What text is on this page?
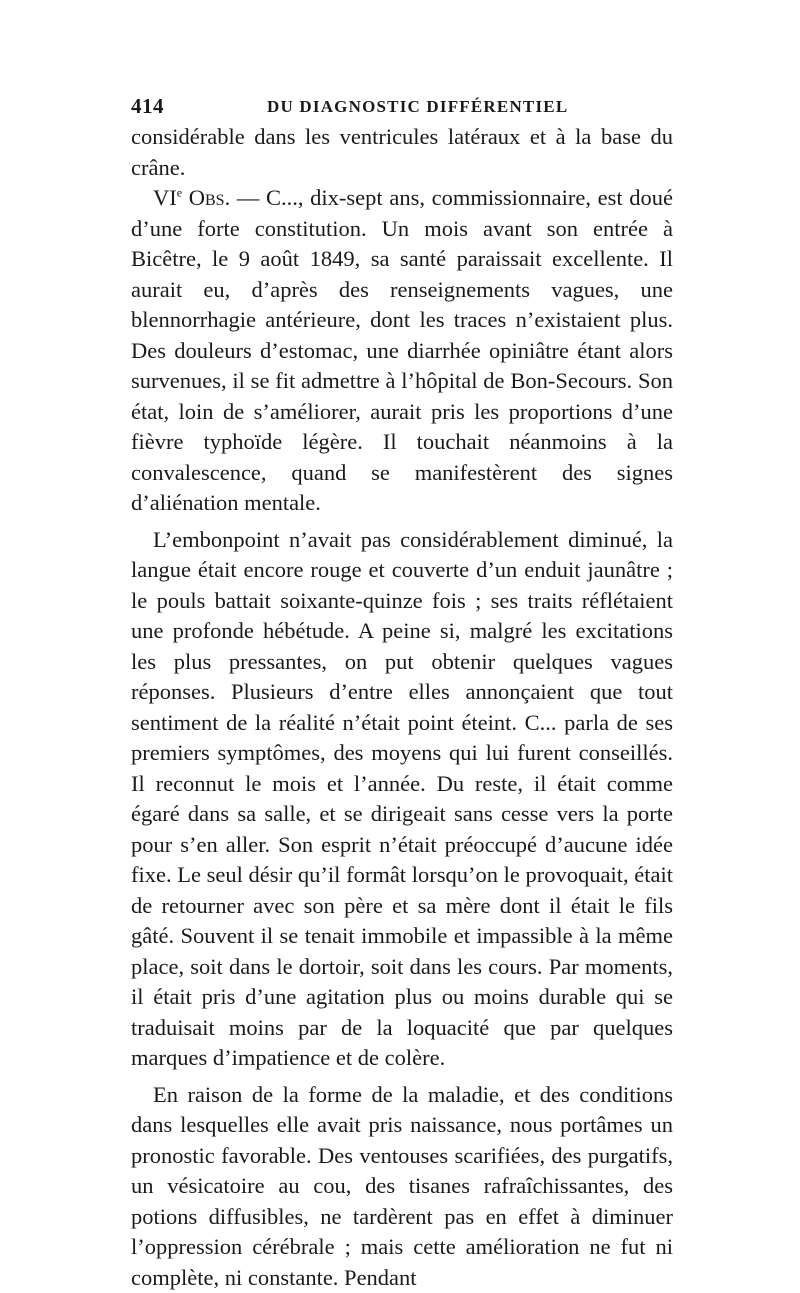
414	DU DIAGNOSTIC DIFFÉRENTIEL

considérable dans les ventricules latéraux et à la base du crâne.

VIe Obs. — C..., dix-sept ans, commissionnaire, est doué d’une forte constitution. Un mois avant son entrée à Bicêtre, le 9 août 1849, sa santé paraissait excellente. Il aurait eu, d’après des renseignements vagues, une blennorrhagie antérieure, dont les traces n’existaient plus. Des douleurs d’estomac, une diarrhée opiniâtre étant alors survenues, il se fit admettre à l’hôpital de Bon-Secours. Son état, loin de s’améliorer, aurait pris les proportions d’une fièvre typhoïde légère. Il touchait néanmoins à la convalescence, quand se manifestèrent des signes d’aliénation mentale.

L’embonpoint n’avait pas considérablement diminué, la langue était encore rouge et couverte d’un enduit jaunâtre ; le pouls battait soixante-quinze fois ; ses traits réflétaient une profonde hébétude. A peine si, malgré les excitations les plus pressantes, on put obtenir quelques vagues réponses. Plusieurs d’entre elles annonçaient que tout sentiment de la réalité n’était point éteint. C... parla de ses premiers symptômes, des moyens qui lui furent conseillés. Il reconnut le mois et l’année. Du reste, il était comme égaré dans sa salle, et se dirigeait sans cesse vers la porte pour s’en aller. Son esprit n’était préoccupé d’aucune idée fixe. Le seul désir qu’il formât lorsqu’on le provoquait, était de retourner avec son père et sa mère dont il était le fils gâté. Souvent il se tenait immobile et impassible à la même place, soit dans le dortoir, soit dans les cours. Par moments, il était pris d’une agitation plus ou moins durable qui se traduisait moins par de la loquacité que par quelques marques d’impatience et de colère.

En raison de la forme de la maladie, et des conditions dans lesquelles elle avait pris naissance, nous portâmes un pronostic favorable. Des ventouses scarifiées, des purgatifs, un vésicatoire au cou, des tisanes rafraîchissantes, des potions diffusibles, ne tardèrent pas en effet à diminuer l’oppression cérébrale ; mais cette amélioration ne fut ni complète, ni constante. Pendant
